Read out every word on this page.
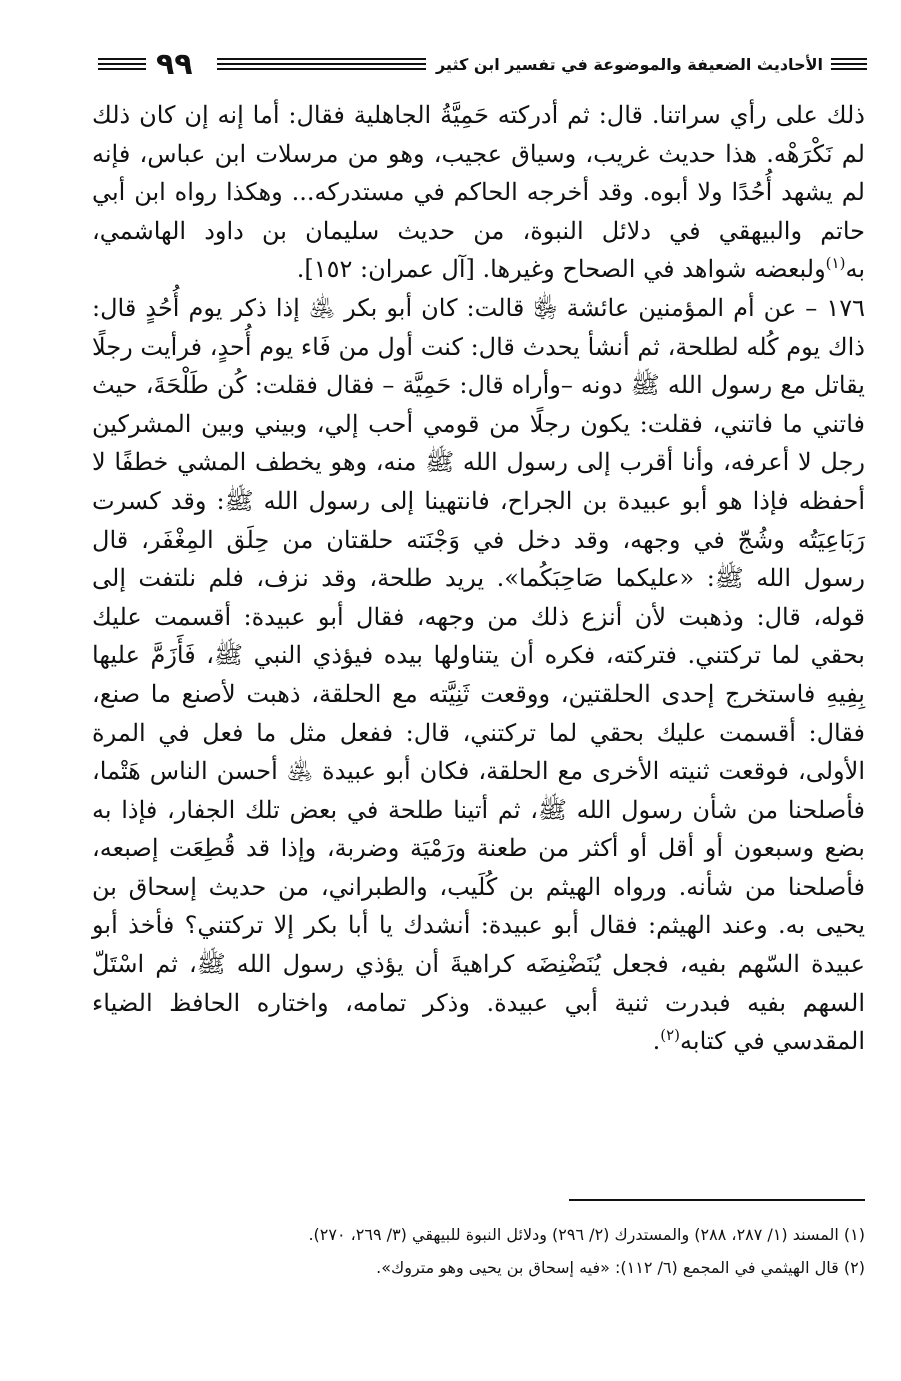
٩٩	الأحاديث الضعيفة والموضوعة في تفسير ابن كثير

ذلك على رأي سراتنا. قال: ثم أدركته حَمِيَّةُ الجاهلية فقال: أما إنه إن كان ذلك لم نَكْرَهْه. هذا حديث غريب، وسياق عجيب، وهو من مرسلات ابن عباس، فإنه لم يشهد أُحُدًا ولا أبوه. وقد أخرجه الحاكم في مستدركه... وهكذا رواه ابن أبي حاتم والبيهقي في دلائل النبوة، من حديث سليمان بن داود الهاشمي، به$^{(١)}$ولبعضه شواهد في الصحاح وغيرها. [آل عمران: ١٥٢].

١٧٦ – عن أم المؤمنين عائشة ﵂ قالت: كان أبو بكر ﵁ إذا ذكر يوم أُحُدٍ قال: ذاك يوم كُله لطلحة، ثم أنشأ يحدث قال: كنت أول من فَاء يوم أُحدٍ، فرأيت رجلًا يقاتل مع رسول الله ﷺ دونه –وأراه قال: حَمِيَّة – فقال فقلت: كُن طَلْحَةَ، حيث فاتني ما فاتني، فقلت: يكون رجلًا من قومي أحب إلي، وبيني وبين المشركين رجل لا أعرفه، وأنا أقرب إلى رسول الله ﷺ منه، وهو يخطف المشي خطفًا لا أحفظه فإذا هو أبو عبيدة بن الجراح، فانتهينا إلى رسول الله ﷺ: وقد كسرت رَبَاعِيَتُه وشُجّ في وجهه، وقد دخل في وَجْنَته حلقتان من حِلَق المِغْفَر، قال رسول الله ﷺ: «عليكما صَاحِبَكُما». يريد طلحة، وقد نزف، فلم نلتفت إلى قوله، قال: وذهبت لأن أنزع ذلك من وجهه، فقال أبو عبيدة: أقسمت عليك بحقي لما تركتني. فتركته، فكره أن يتناولها بيده فيؤذي النبي ﷺ، فَأَزَمَّ عليها بِفِيهِ فاستخرج إحدى الحلقتين، ووقعت ثَنِيَّته مع الحلقة، ذهبت لأصنع ما صنع، فقال: أقسمت عليك بحقي لما تركتني، قال: ففعل مثل ما فعل في المرة الأولى، فوقعت ثنيته الأخرى مع الحلقة، فكان أبو عبيدة ﵁ أحسن الناس هَتْما، فأصلحنا من شأن رسول الله ﷺ، ثم أتينا طلحة في بعض تلك الجفار، فإذا به بضع وسبعون أو أقل أو أكثر من طعنة ورَمْيَة وضربة، وإذا قد قُطِعَت إصبعه، فأصلحنا من شأنه. ورواه الهيثم بن كُلَيب، والطبراني، من حديث إسحاق بن يحيى به. وعند الهيثم: فقال أبو عبيدة: أنشدك يا أبا بكر إلا تركتني؟ فأخذ أبو عبيدة السّهم بفيه، فجعل يُنَضْنِضَه كراهيةَ أن يؤذي رسول الله ﷺ، ثم اسْتَلّ السهم بفيه فبدرت ثنية أبي عبيدة. وذكر تمامه، واختاره الحافظ الضياء المقدسي في كتابه$^{(٢)}$.

(١) المسند (١/ ٢٨٧، ٢٨٨) والمستدرك (٢/ ٢٩٦) ودلائل النبوة للبيهقي (٣/ ٢٦٩، ٢٧٠).
(٢) قال الهيثمي في المجمع (٦/ ١١٢): «فيه إسحاق بن يحيى وهو متروك».
